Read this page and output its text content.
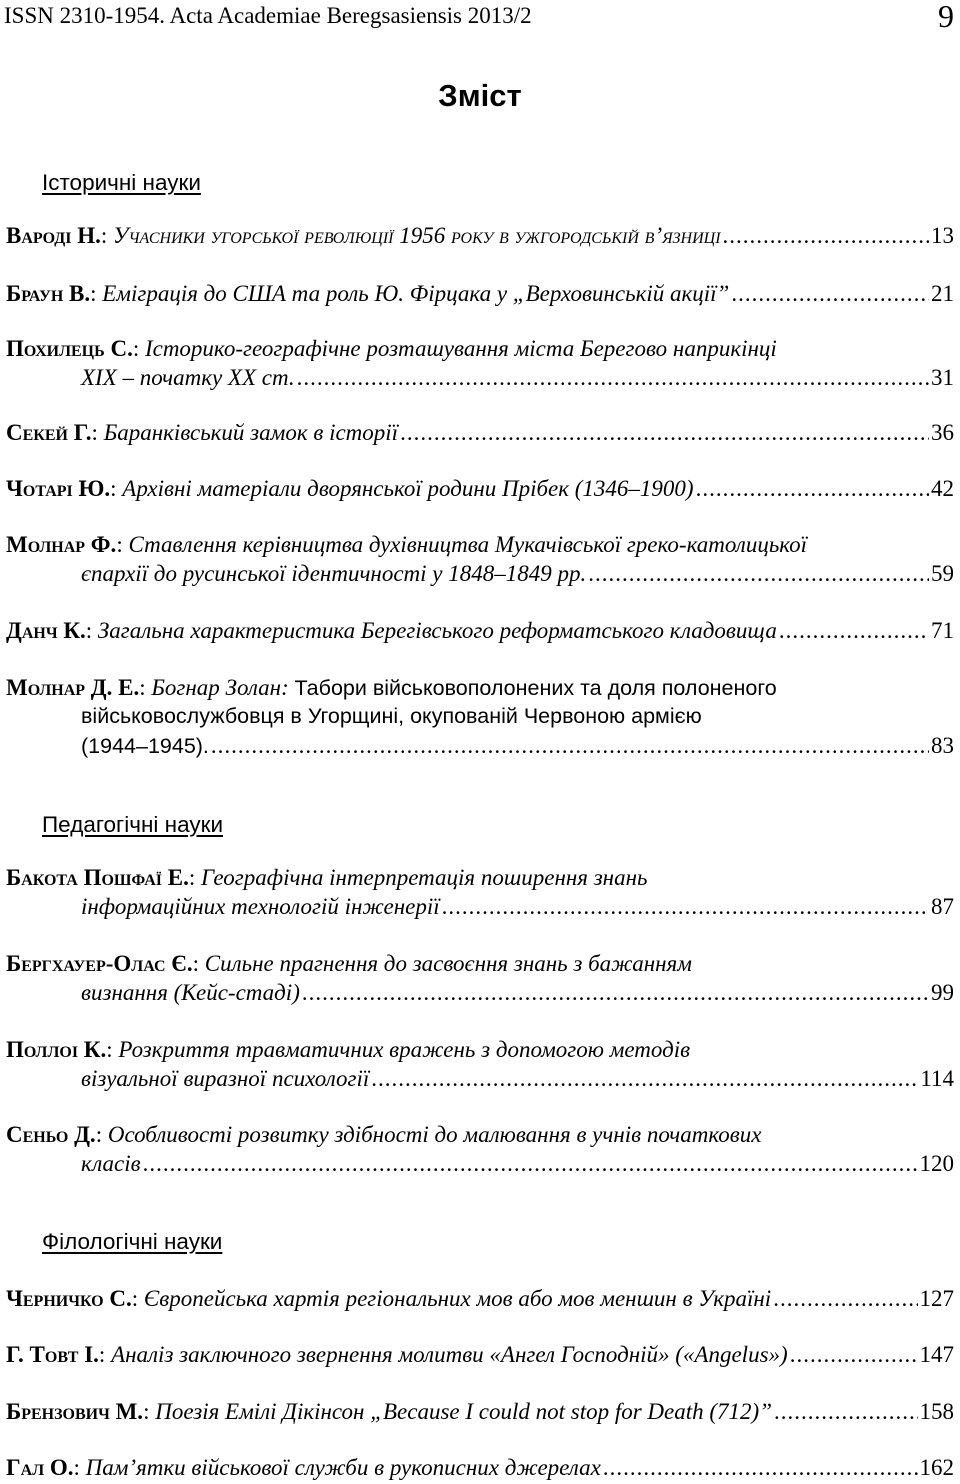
ISSN 2310-1954. Acta Academiae Beregsasiensis 2013/2	9
Зміст
Історичні науки
Вароді Н. : Учасники угорської революції 1956 року в ужгородській в’язниці .....	13
Браун В. : Еміграція до США та роль Ю. Фірцака у „Верховинській акції” .....	21
Похилець С. : Історико-географічне розташування міста Берегово наприкінці
XIX – початку XX ст. .....	31
Секей Г. : Баранківський замок в історії .....	36
Чотарі Ю. : Архівні матеріали дворянської родини Прібек (1346–1900) .....	42
Молнар Ф. : Ставлення керівництва духівництва Мукачівської греко-католицької
єпархії до русинської ідентичності у 1848–1849 рр. .....	59
Данч К. : Загальна характеристика Берегівського реформатського кладовища .....	71
Молнар Д. Е. : Богнар Золан:
Табори військовополонених та доля полоненого
військовослужбовця в Угорщині, окупованій Червоною армією
(1944–1945). .....	83
Педагогічні науки
Бакота Пошфаї Е. : Географічна інтерпретація поширення знань
інформаційних технологій інженерії .....	87
Бергхауер-Олас Є. : Сильне прагнення до засвоєння знань з бажанням
визнання (Кейс-стаді) .....	99
Поллоі К. : Розкриття травматичних вражень з допомогою методів
візуальної виразної психології .....	114
Сеньо Д. : Особливості розвитку здібності до малювання в учнів початкових
класів .....	120
Філологічні науки
Черничко С. : Європейська хартія регіональних мов або мов меншин в Україні .....	127
Г. Товт І. : Аналіз заключного звернення молитви «Ангел Господній» («Angelus») .....	147
Брензович М. : Поезія Емілі Дікінсон „Because I could not stop for Death (712)” .....	158
Гал О. : Пам’ятки військової служби в рукописних джерелах .....	162
